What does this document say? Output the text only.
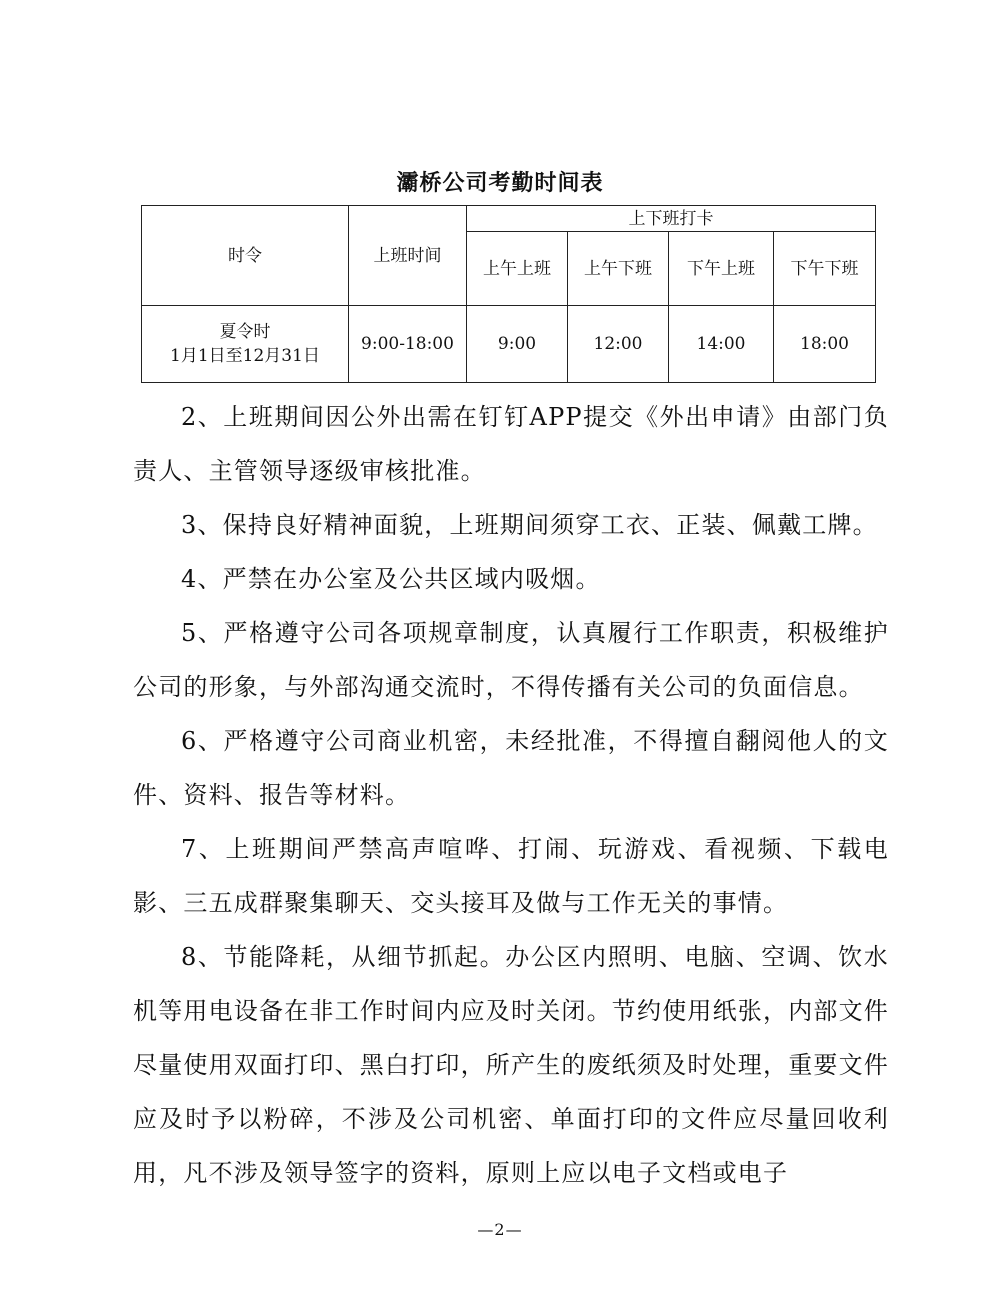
灞桥公司考勤时间表
时令	上班时间	上下班打卡			
		上午上班	上午下班	下午上班	下午下班

夏令时
1月1日至12月31日	9:00-18:00	9:00	12:00	14:00	18:00

2、上班期间因公外出需在钉钉APP提交《外出申请》由部门负责人、主管领导逐级审核批准。

3、保持良好精神面貌，上班期间须穿工衣、正装、佩戴工牌。

4、严禁在办公室及公共区域内吸烟。

5、严格遵守公司各项规章制度，认真履行工作职责，积极维护公司的形象，与外部沟通交流时，不得传播有关公司的负面信息。

6、严格遵守公司商业机密，未经批准，不得擅自翻阅他人的文件、资料、报告等材料。

7、上班期间严禁高声喧哗、打闹、玩游戏、看视频、下载电影、三五成群聚集聊天、交头接耳及做与工作无关的事情。

8、节能降耗，从细节抓起。办公区内照明、电脑、空调、饮水机等用电设备在非工作时间内应及时关闭。节约使用纸张，内部文件尽量使用双面打印、黑白打印，所产生的废纸须及时处理，重要文件应及时予以粉碎，不涉及公司机密、单面打印的文件应尽量回收利用，凡不涉及领导签字的资料，原则上应以电子文档或电子

—2—
